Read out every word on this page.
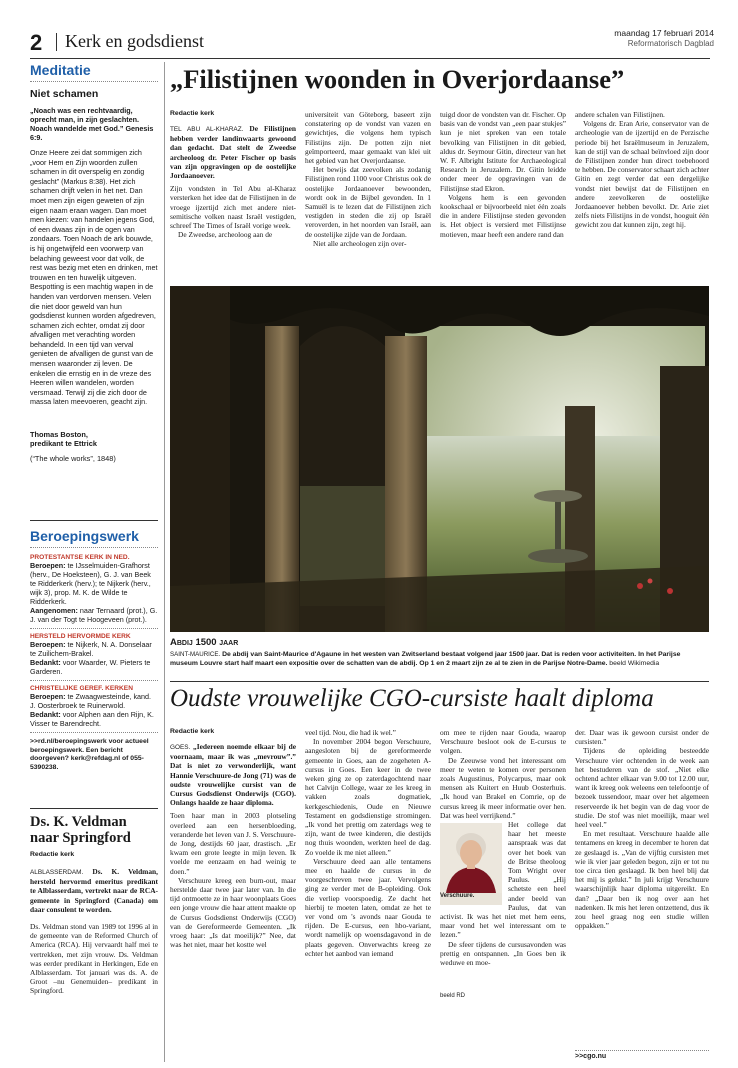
2 Kerk en godsdienst	maandag 17 februari 2014
Reformatorisch Dagblad
Meditatie
Niet schamen
„Noach was een rechtvaardig, oprecht man, in zijn geslachten. Noach wandelde met God.” Genesis 6:9.
Onze Heere zei dat sommigen zich „voor Hem en Zijn woorden zullen schamen in dit overspelig en zondig geslacht” (Markus 8:38). Het zich schamen drijft velen in het net. Dan moet men zijn eigen geweten of zijn eigen naam eraan wagen. Dan moet men kiezen: van handelen jegens God, of een dwaas zijn in de ogen van zondaars. Toen Noach de ark bouwde, is hij ongetwijfeld een voorwerp van belaching geweest voor dat volk, de rest was bezig met eten en drinken, met trouwen en ten huwelijk uitgeven. Bespotting is een machtig wapen in de handen van verdorven mensen. Velen die niet door geweld van hun godsdienst kunnen worden afgedreven, schamen zich echter, omdat zij door afvalligen met verachting worden behandeld. In een tijd van verval genieten de afvalligen de gunst van de mensen waaronder zij leven. De enkelen die ernstig en in de vreze des Heeren willen wandelen, worden versmaad. Terwijl zij die zich door de massa laten meevoeren, geacht zijn.
Thomas Boston,
predikant te Ettrick
(“The whole works”, 1848)
Beroepingswerk
PROTESTANTSE KERK IN NED.
Beroepen: te IJsselmuiden-Grafhorst (herv., De Hoeksteen), G. J. van Beek te Ridderkerk (herv.); te Nijkerk (herv., wijk 3), prop. M. K. de Wilde te Ridderkerk.
Aangenomen: naar Ternaard (prot.), G. J. van der Togt te Hoogeveen (prot.).
HERSTELD HERVORMDE KERK
Beroepen: te Nijkerk, N. A. Donselaar te Zuilichem-Brakel.
Bedankt: voor Waarder, W. Pieters te Garderen.
CHRISTELIJKE GEREF. KERKEN
Beroepen: te Zwaagwesteinde, kand. J. Oosterbroek te Ruinerwold.
Bedankt: voor Alphen aan den Rijn, K. Visser te Barendrecht.
>>rd.nl/beroepingswerk voor actueel beroepingswerk. Een bericht doorgeven? kerk@refdag.nl of 055-5390238.
Ds. K. Veldman naar Springford
Redactie kerk
ALBLASSERDAM. Ds. K. Veldman, hersteld hervormd emeritus predikant te Alblasserdam, vertrekt naar de RCA-gemeente in Springford (Canada) om daar consulent te worden.
Ds. Veldman stond van 1989 tot 1996 al in de gemeente van de Reformed Church of America (RCA). Hij vervaardt half mei te vertrekken, met zijn vrouw. Ds. Veldman was eerder predikant in Herkingen, Ede en Alblasserdam. Tot januari was ds. A. de Groot –nu Genemuiden– predikant in Springford.
„Filistijnen woonden in Overjordaanse”
Redactie kerk

TEL ABU AL-KHARAZ. De Filistijnen hebben verder landinwaarts gewoond dan gedacht. Dat stelt de Zweedse archeoloog dr. Peter Fischer op basis van zijn opgravingen op de oostelijke Jordaanoever.

Zijn vondsten in Tel Abu al-Kharaz versterken het idee dat de Filistijnen in de vroege ijzertijd zich met andere niet-semitische volken naast Israël vestigden, schreef The Times of Israël vorige week.

De Zweedse, archeoloog aan de

universiteit van Göteborg, baseert zijn constatering op de vondst van vazen en gewichtjes, die volgens hem typisch Filistijns zijn. De potten zijn niet geïmporteerd, maar gemaakt van klei uit het gebied van het Overjordaanse.

Het bewijs dat zeevolken als zodanig Filistijnen rond 1100 voor Christus ook de oostelijke Jordaanoever bewoonden, wordt ook in de Bijbel gevonden. In 1 Samuël is te lezen dat de Filistijnen zich vestigden in steden die zij op Israël veroverden, in het noorden van Israël, aan de oostelijke zijde van de Jordaan.

Niet alle archeologen zijn over-

tuigd door de vondsten van dr. Fischer. Op basis van de vondst van „een paar stukjes” kun je niet spreken van een totale bevolking van Filistijnen in dit gebied, aldus dr. Seymour Gitin, directeur van het W. F. Albright Istitute for Archaeological Research in Jeruzalem. Dr. Gitin leidde onder meer de opgravingen van de Filistijnse stad Ekron.

Volgens hem is een gevonden kookschaal er bijvoorbeeld niet één zoals die in andere Filistijnse steden gevonden is. Het object is versierd met Filistijnse motieven, maar heeft een andere rand dan

andere schalen van Filistijnen.

Volgens dr. Eran Arie, conservator van de archeologie van de ijzertijd en de Perzische periode bij het Israëlmuseum in Jeruzalem, kan de stijl van de schaal beïnvloed zijn door de Filistijnen zonder hun direct toebehoord te hebben. De conservator schaart zich achter Gitin en zegt verder dat een dergelijke vondst niet bewijst dat de Filistijnen en andere zeevolkeren de oostelijke Jordaanoever hebben bevolkt. Dr. Arie ziet zelfs niets Filistijns in de vondst, hooguit één gewicht zou dat kunnen zijn, zegt hij.

Abdij 1500 jaar
SAINT-MAURICE. De abdij van Saint-Maurice d'Agaune in het westen van Zwitserland bestaat volgend jaar 1500 jaar. Dat is reden voor activiteiten. In het Parijse museum Louvre start half maart een expositie over de schatten van de abdij. Op 1 en 2 maart zijn ze al te zien in de Parijse Notre-Dame. beeld Wikimedia
Oudste vrouwelijke CGO-cursiste haalt diploma
Redactie kerk

GOES. „Iedereen noemde elkaar bij de voornaam, maar ik was „mevrouw”.” Dat is niet zo verwonderlijk, want Hannie Verschuure-de Jong (71) was de oudste vrouwelijke cursist van de Cursus Godsdienst Onderwijs (CGO). Onlangs haalde ze haar diploma.

Toen haar man in 2003 plotseling overleed aan een hersenbloeding, veranderde het leven van J. S. Verschuure-de Jong, destijds 60 jaar, drastisch. „Er kwam een grote leegte in mijn leven. Ik voelde me eenzaam en had weinig te doen.”

Verschuure kreeg een burn-out, maar herstelde daar twee jaar later van. In die tijd ontmoette ze in haar woonplaats Goes een jonge vrouw die haar attent maakte op de Cursus Godsdienst Onderwijs (CGO) van de Gereformeerde Gemeenten. „Ik vroeg haar: „Is dat moeilijk?” Nee, dat was het niet, maar het kostte wel

veel tijd. Nou, die had ik wel.”

In november 2004 begon Verschuure, aangesloten bij de gereformeerde gemeente in Goes, aan de zogeheten A-cursus in Goes. Een keer in de twee weken ging ze op zaterdagochtend naar het Calvijn College, waar ze les kreeg in vakken zoals dogmatiek, kerkgeschiedenis, Oude en Nieuwe Testament en godsdienstige stromingen. „Ik vond het prettig om zaterdags weg te zijn, want de twee kinderen, die destijds nog thuis woonden, werkten heel de dag. Zo voelde ik me niet alleen.”

Verschuure deed aan alle tentamens mee en haalde de cursus in de voorgeschreven twee jaar. Vervolgens ging ze verder met de B-opleiding. Ook die verliep voorspoedig. Ze dacht het hierbij te moeten laten, omdat ze het te ver vond om 's avonds naar Gouda te rijden. De E-cursus, een hbo-variant, wordt namelijk op woensdagavond in de plaats gegeven. Onverwachts kreeg ze echter het aanbod van iemand

om mee te rijden naar Gouda, waarop Verschuure besloot ook de E-cursus te volgen.

De Zeeuwse vond het interessant om meer te weten te komen over personen zoals Augustinus, Polycarpus, maar ook mensen als Kuitert en Huub Oosterhuis. „Ik houd van Brakel en Comrie, op de cursus kreeg ik meer informatie over hen. Dat was heel verrijkend.”

Verschuure.

Het college dat haar het meeste aanspraak was dat over het boek van de Britse theoloog Tom Wright over Paulus. „Hij schetste een heel ander beeld van Paulus, dat van activist. Ik was het niet met hem eens, maar vond het wel interessant om te lezen.”

De sfeer tijdens de cursusavonden was prettig en ontspannen. „In Goes ben ik weduwe en moe-

beeld RD

der. Daar was ik gewoon cursist onder de cursisten.”

Tijdens de opleiding besteedde Verschuure vier ochtenden in de week aan het bestuderen van de stof. „Niet elke ochtend achter elkaar van 9.00 tot 12.00 uur, want ik kreeg ook weleens een telefoontje of bezoek tussendoor, maar over het algemeen reserveerde ik het begin van de dag voor de studie. De stof was niet moeilijk, maar wel heel veel.”

En met resultaat. Verschuure haalde alle tentamens en kreeg in december te horen dat ze geslaagd is. „Van de vijftig cursisten met wie ik vier jaar geleden begon, zijn er tot nu toe circa tien geslaagd. Ik ben heel blij dat het mij is gelukt.” In juli krijgt Verschuure waarschijnlijk haar diploma uitgereikt. En dan? „Daar ben ik nog over aan het nadenken. Ik mis het leren ontzettend, dus ik zou heel graag nog een studie willen oppakken.”

>>cgo.nu
